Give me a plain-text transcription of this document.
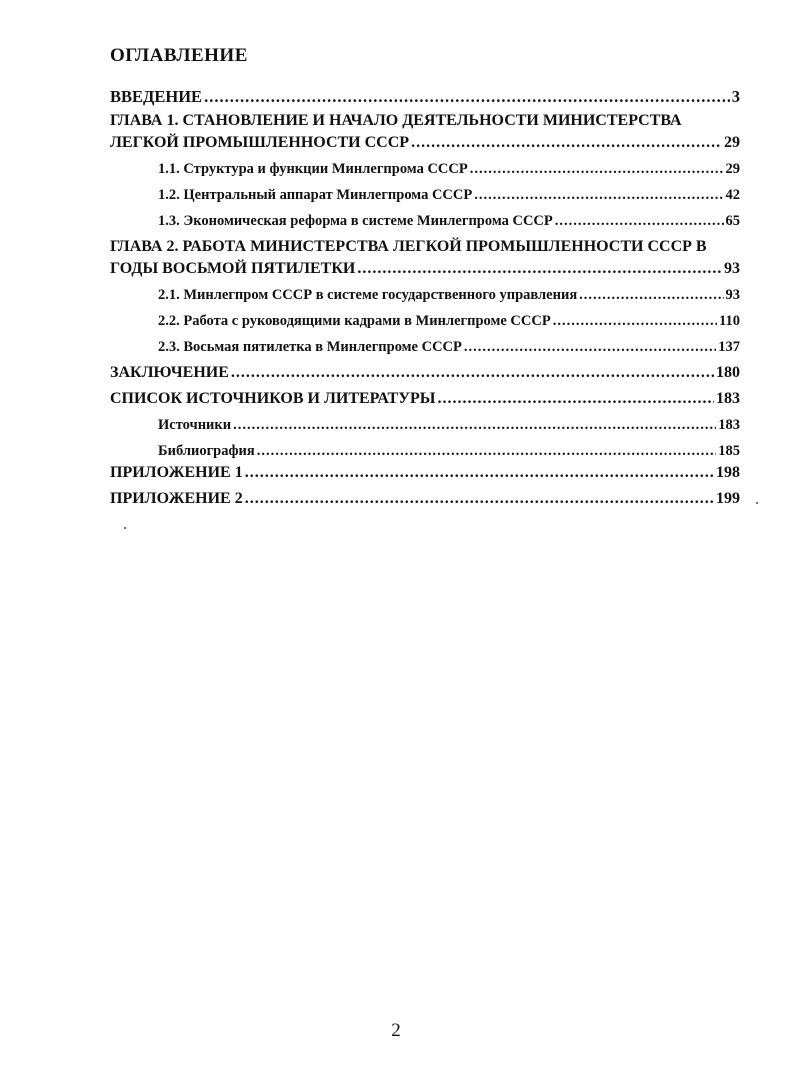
ОГЛАВЛЕНИЕ
ВВЕДЕНИЕ .....	3
ГЛАВА 1. СТАНОВЛЕНИЕ И НАЧАЛО ДЕЯТЕЛЬНОСТИ МИНИСТЕРСТВА
ЛЕГКОЙ ПРОМЫШЛЕННОСТИ СССР .....	29
1.1. Структура и функции Минлегпрома СССР .....	29
1.2. Центральный аппарат Минлегпрома СССР .....	42
1.3. Экономическая реформа в системе Минлегпрома СССР .....	65
ГЛАВА 2. РАБОТА МИНИСТЕРСТВА ЛЕГКОЙ ПРОМЫШЛЕННОСТИ СССР В
ГОДЫ ВОСЬМОЙ ПЯТИЛЕТКИ .....	93
2.1. Минлегпром СССР в системе государственного управления .....	93
2.2. Работа с руководящими кадрами в Минлегпроме СССР .....	110
2.3. Восьмая пятилетка в Минлегпроме СССР .....	137
ЗАКЛЮЧЕНИЕ .....	180
СПИСОК ИСТОЧНИКОВ И ЛИТЕРАТУРЫ .....	183
Источники .....	183
Библиография .....	185
ПРИЛОЖЕНИЕ 1 .....	198
ПРИЛОЖЕНИЕ 2 .....	199
2
